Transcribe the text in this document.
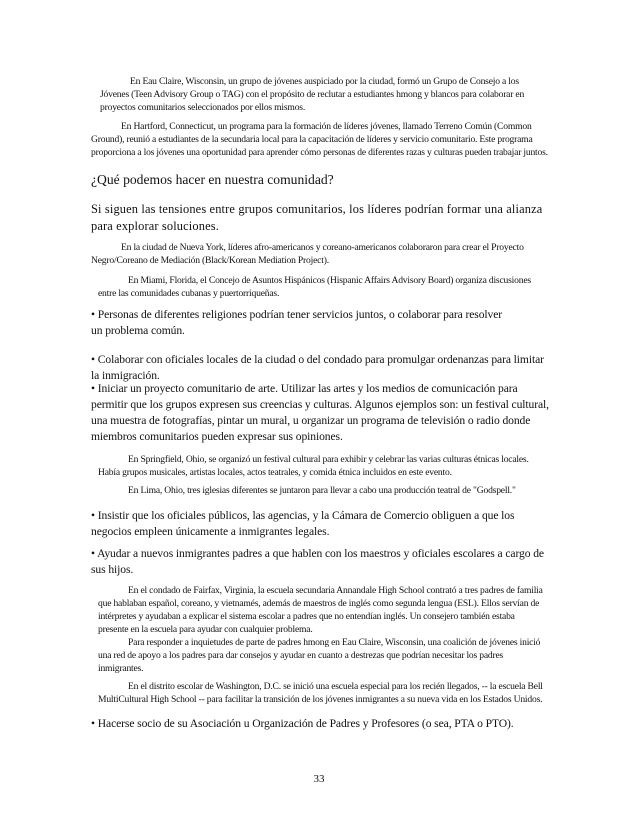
En Eau Claire, Wisconsin, un grupo de jóvenes auspiciado por la ciudad, formó un Grupo de Consejo a los Jóvenes (Teen Advisory Group o TAG) con el propósito de reclutar a estudiantes hmong y blancos para colaborar en proyectos comunitarios seleccionados por ellos mismos.

En Hartford, Connecticut, un programa para la formación de líderes jóvenes, llamado Terreno Común (Common Ground), reunió a estudiantes de la secundaria local para la capacitación de líderes y servicio comunitario. Este programa proporciona a los jóvenes una oportunidad para aprender cómo personas de diferentes razas y culturas pueden trabajar juntos.

¿Qué podemos hacer en nuestra comunidad?

Si siguen las tensiones entre grupos comunitarios, los líderes podrían formar una alianza para explorar soluciones.

En la ciudad de Nueva York, líderes afro-americanos y coreano-americanos colaboraron para crear el Proyecto Negro/Coreano de Mediación (Black/Korean Mediation Project).

En Miami, Florida, el Concejo de Asuntos Hispánicos (Hispanic Affairs Advisory Board) organiza discusiones entre las comunidades cubanas y puertorriqueñas.

• Personas de diferentes religiones podrían tener servicios juntos, o colaborar para resolver un problema común.

• Colaborar con oficiales locales de la ciudad o del condado para promulgar ordenanzas para limitar la inmigración.

• Iniciar un proyecto comunitario de arte. Utilizar las artes y los medios de comunicación para permitir que los grupos expresen sus creencias y culturas. Algunos ejemplos son: un festival cultural, una muestra de fotografías, pintar un mural, u organizar un programa de televisión o radio donde miembros comunitarios pueden expresar sus opiniones.

En Springfield, Ohio, se organizó un festival cultural para exhibir y celebrar las varias culturas étnicas locales. Había grupos musicales, artistas locales, actos teatrales, y comida étnica incluidos en este evento.

En Lima, Ohio, tres iglesias diferentes se juntaron para llevar a cabo una producción teatral de "Godspell."

• Insistir que los oficiales públicos, las agencias, y la Cámara de Comercio obliguen a que los negocios empleen únicamente a inmigrantes legales.

• Ayudar a nuevos inmigrantes padres a que hablen con los maestros y oficiales escolares a cargo de sus hijos.

En el condado de Fairfax, Virginia, la escuela secundaria Annandale High School contrató a tres padres de familia que hablaban español, coreano, y vietnamés, además de maestros de inglés como segunda lengua (ESL). Ellos servían de intérpretes y ayudaban a explicar el sistema escolar a padres que no entendían inglés. Un consejero también estaba presente en la escuela para ayudar con cualquier problema.

Para responder a inquietudes de parte de padres hmong en Eau Claire, Wisconsin, una coalición de jóvenes inició una red de apoyo a los padres para dar consejos y ayudar en cuanto a destrezas que podrían necesitar los padres inmigrantes.

En el distrito escolar de Washington, D.C. se inició una escuela especial para los recién llegados, -- la escuela Bell MultiCultural High School -- para facilitar la transición de los jóvenes inmigrantes a su nueva vida en los Estados Unidos.

• Hacerse socio de su Asociación u Organización de Padres y Profesores (o sea, PTA o PTO).

33
